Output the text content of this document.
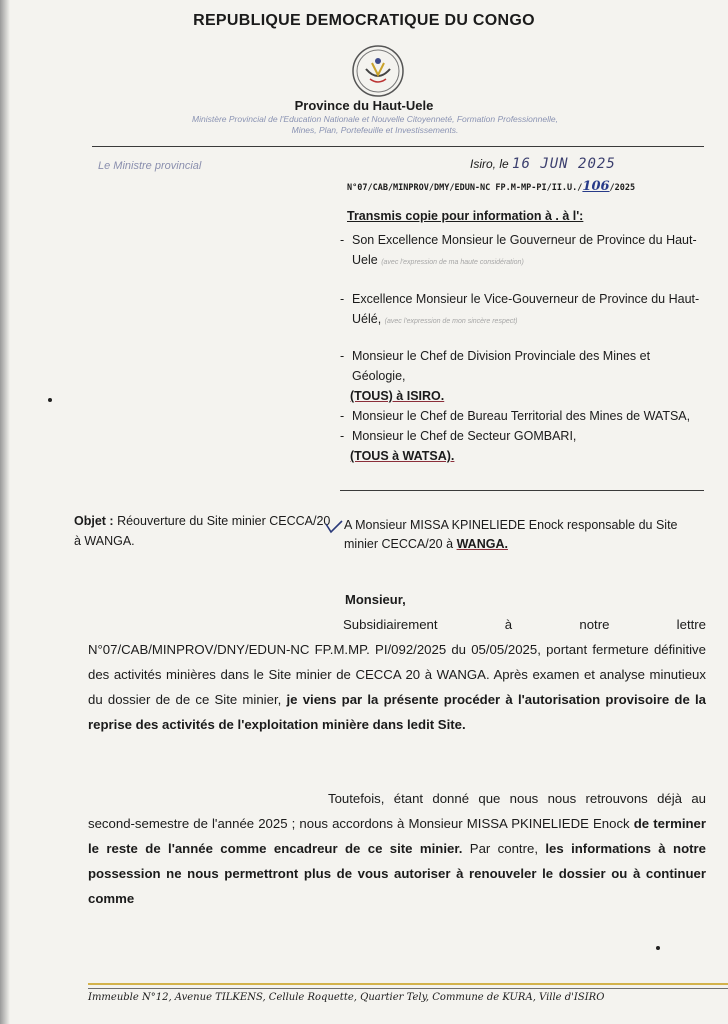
REPUBLIQUE DEMOCRATIQUE DU CONGO

Province du Haut-Uele

Ministère Provincial de l'Education Nationale et Nouvelle Citoyenneté, Formation Professionnelle,
Mines, Plan, Portefeuille et Investissements.

Le Ministre provincial	Isiro, le 16 JUN 2025

N°07/CAB/MINPROV/DMY/EDUN-NC FP.M-MP-PI/II.U./106/2025

Transmis copie pour information à . à l':

- Son Excellence Monsieur le Gouverneur de Province du Haut-Uele (avec l'expression de ma haute considération)
- Excellence Monsieur le Vice-Gouverneur de Province du Haut-Uélé, (avec l'expression de mon sincère respect)
- Monsieur le Chef de Division Provinciale des Mines et Géologie,
(TOUS) à ISIRO.
- Monsieur le Chef de Bureau Territorial des Mines de WATSA,
- Monsieur le Chef de Secteur GOMBARI,
(TOUS à WATSA).
Objet : Réouverture du Site minier CECCA/20 à WANGA.
A Monsieur MISSA KPINELIEDE Enock responsable du Site minier CECCA/20 à WANGA.

Monsieur,

Subsidiairement à notre lettre N°07/CAB/MINPROV/DNY/EDUN-NC FP.M.MP. PI/092/2025 du 05/05/2025, portant fermeture définitive des activités minières dans le Site minier de CECCA 20 à WANGA. Après examen et analyse minutieux du dossier de de ce Site minier, je viens par la présente procéder à l'autorisation provisoire de la reprise des activités de l'exploitation minière dans ledit Site.
Toutefois, étant donné que nous nous retrouvons déjà au second-semestre de l'année 2025 ; nous accordons à Monsieur MISSA PKINELIEDE Enock de terminer le reste de l'année comme encadreur de ce site minier. Par contre, les informations à notre possession ne nous permettront plus de vous autoriser à renouveler le dossier ou à continuer comme

Immeuble N°12, Avenue TILKENS, Cellule Roquette, Quartier Tely, Commune de KURA, Ville d'ISIRO
